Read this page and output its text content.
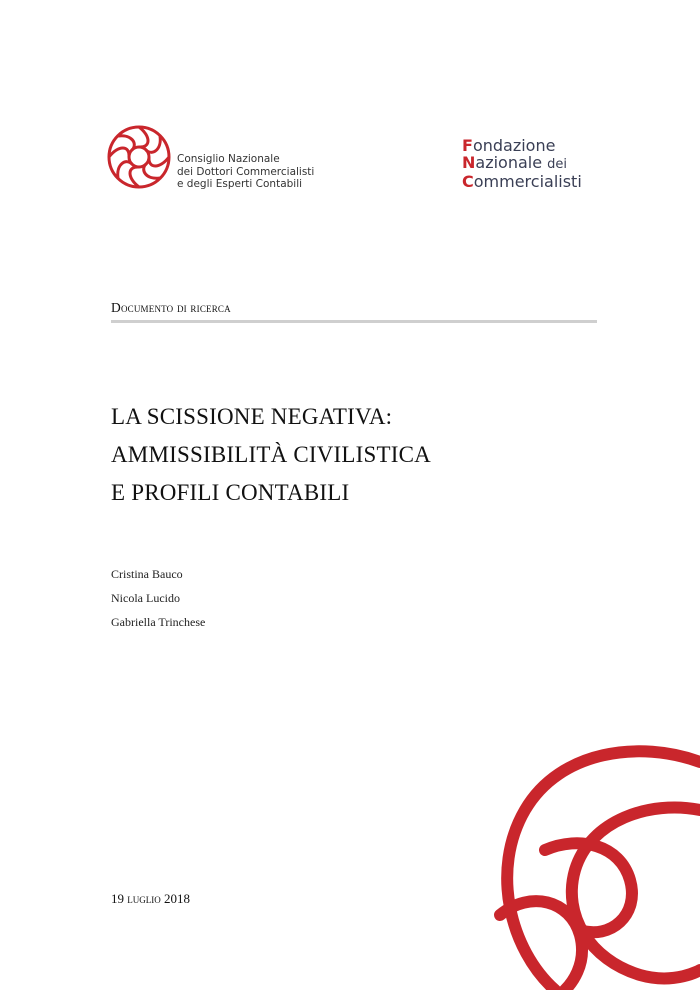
Consiglio Nazionale
dei Dottori Commercialisti
e degli Esperti Contabili
Fondazione
Nazionale dei
Commercialisti
Documento di ricerca
LA SCISSIONE NEGATIVA:
AMMISSIBILITÀ CIVILISTICA
E PROFILI CONTABILI
Cristina Bauco
Nicola Lucido
Gabriella Trinchese
19 luglio 2018
